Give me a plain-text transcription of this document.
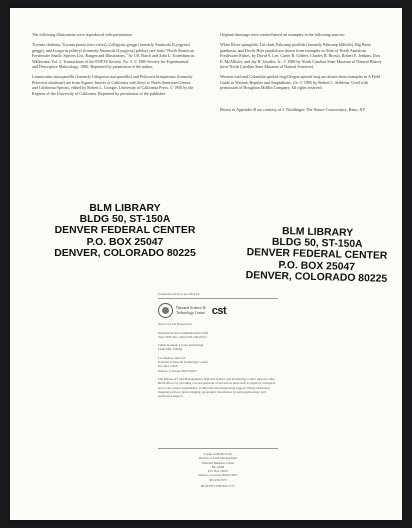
The following illustrations were reproduced with permission:

Tryonia clathrata, Tryonia protea (two views), Colligyrus greggi (formerly Amnicola [Lyogyrus] greggi), and Lyogyrus pilsbryi (formerly Amnicola [Lyogyrus] pilsbryi) are from "North American Freshwater Snails: Species List, Ranges and Illustrations," by J.B. Burch and John L. Tottenham in Walkerana, Vol. 1, Transactions of the POETS Society, No. 3. © 1980 Society for Experimental and Descriptive Malacology, 1980. Reprinted by permission of the author.

Limnocottus macquerellii (formerly Gilogerius macquerellii) and Pelocoris biimpressus (formerly Pelocoris shoshone) are from Aquatic Insects of California with Keys to North American Genera and California Species, edited by Robert L. Usinger, University of California Press, © 1956 by the Regents of the University of California. Reprinted by permission of the publisher.

Original drawings were created based on examples in the following sources:

White River springfish, Tui chub, Pahrump poolfish (formerly Pahrump killifish), Big Bend gambusia, and Devils Hole pupfish are drawn from examples in Atlas of North American Freshwater Fishes, by David S. Lee, Carter R. Gilbert, Charles H. Hocutt, Robert E. Jenkins, Don E. McAllister, and Jay R. Stauffer, Jr., © 1980 by North Carolina State Museum of Natural History (now North Carolina State Museum of Natural Sciences).

Western toad and Columbia spotted frog/Oregon spotted frog are drawn from examples in A Field Guide to Western Reptiles and Amphibians, 2/e, © 1985 by Robert C. Stebbins. Used with permission of Houghton Mifflin Company. All rights reserved.

Photos in Appendix B are courtesy of J. Nachlinger, The Nature Conservancy, Reno, NV.

BLM LIBRARY
BLDG 50, ST-150A
DENVER FEDERAL CENTER
P.O. BOX 25047
DENVER, COLORADO 80225
BLM LIBRARY
BLDG 50, ST-150A
DENVER FEDERAL CENTER
P.O. BOX 25047
DENVER, COLORADO 80225
Production services provided by:
National Science &
Technology Center cst
Bureau of Land Management

Information and Communications Staff
Terry D'Erchia, Chief (303-236-6547)

Janine Koselak, Layout and Design
Linda Hill, Editing

Lee Barkow, Director
National Science & Technology Center
P.O. Box 25047
Denver, Colorado 80225-0047

The Bureau of Land Management's National Science and Technology Center supports other BLM offices by providing a broad spectrum of services in areas such as physical, biological, and social science assessments; architecture and engineering support; library assistance; mapping services; photo imaging; geographic information systems applications; and publication support.

Copies available from:
Bureau of Land Management
National Business Center
BC-650B
P.O. Box 25047
Denver, Colorado 80225-0047
303-236-7637
BLM/ST/ST-98/004+1737
